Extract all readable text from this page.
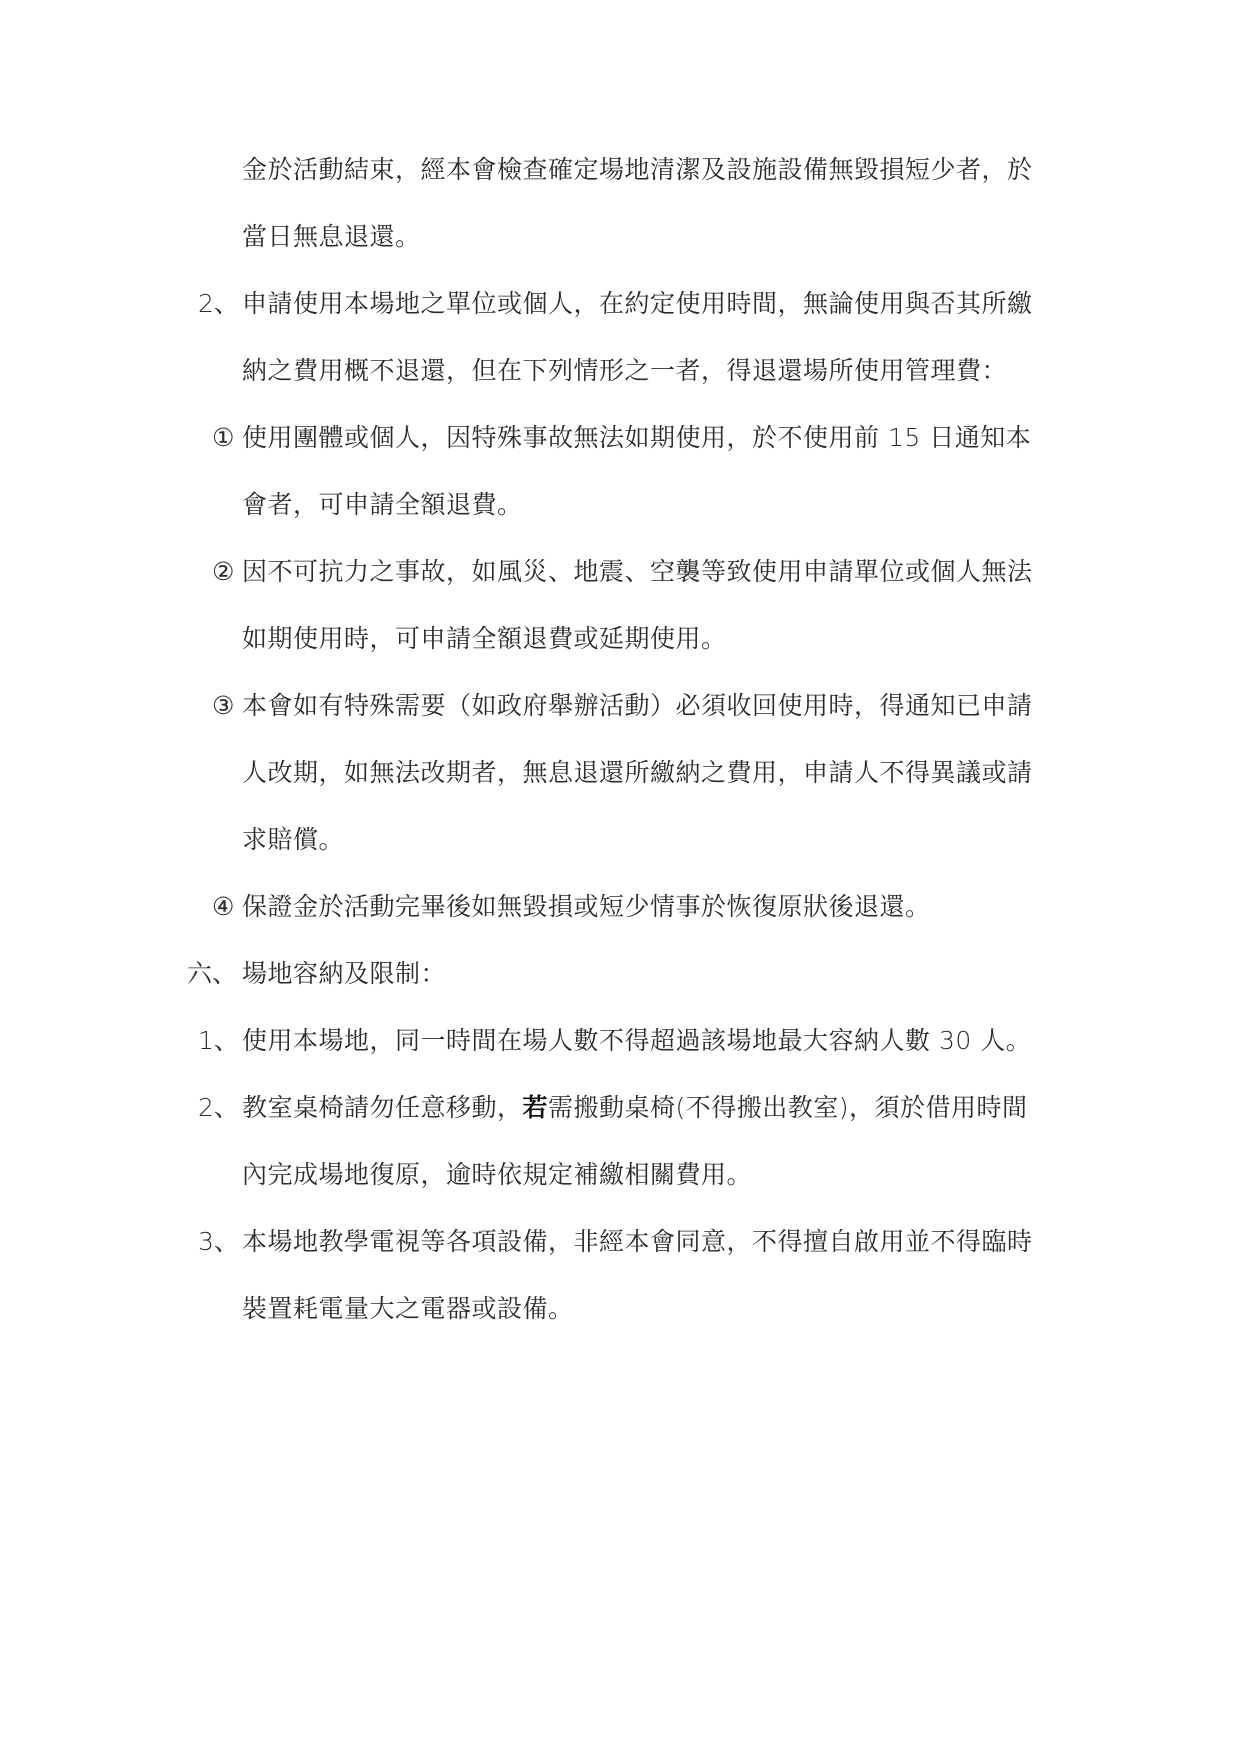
金於活動結束，經本會檢查確定場地清潔及設施設備無毀損短少者，於
當日無息退還。
2、 申請使用本場地之單位或個人，在約定使用時間，無論使用與否其所繳
納之費用概不退還，但在下列情形之一者，得退還場所使用管理費：
① 使用團體或個人，因特殊事故無法如期使用，於不使用前 15 日通知本
會者，可申請全額退費。
② 因不可抗力之事故，如風災、地震、空襲等致使用申請單位或個人無法
如期使用時，可申請全額退費或延期使用。
③ 本會如有特殊需要（如政府舉辦活動）必須收回使用時，得通知已申請
人改期，如無法改期者，無息退還所繳納之費用，申請人不得異議或請
求賠償。
④ 保證金於活動完畢後如無毀損或短少情事於恢復原狀後退還。
六、 場地容納及限制：
1、 使用本場地，同一時間在場人數不得超過該場地最大容納人數 30 人。
2、 教室桌椅請勿任意移動，若需搬動桌椅(不得搬出教室)，須於借用時間
內完成場地復原，逾時依規定補繳相關費用。
3、 本場地教學電視等各項設備，非經本會同意，不得擅自啟用並不得臨時
裝置耗電量大之電器或設備。
